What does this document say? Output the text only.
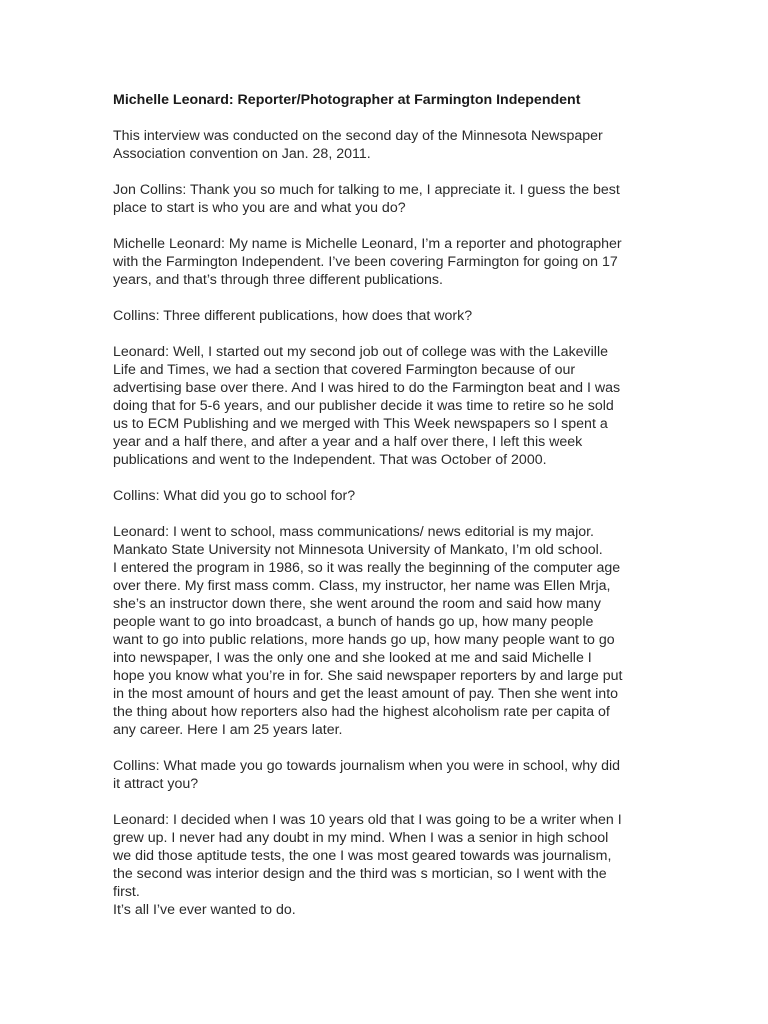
Michelle Leonard: Reporter/Photographer at Farmington Independent
This interview was conducted on the second day of the Minnesota Newspaper
Association convention on Jan. 28, 2011.
Jon Collins: Thank you so much for talking to me, I appreciate it. I guess the best
place to start is who you are and what you do?
Michelle Leonard: My name is Michelle Leonard, I’m a reporter and photographer
with the Farmington Independent. I’ve been covering Farmington for going on 17
years, and that’s through three different publications.
Collins: Three different publications, how does that work?
Leonard: Well, I started out my second job out of college was with the Lakeville
Life and Times, we had a section that covered Farmington because of our
advertising base over there. And I was hired to do the Farmington beat and I was
doing that for 5-6 years, and our publisher decide it was time to retire so he sold
us to ECM Publishing and we merged with This Week newspapers so I spent a
year and a half there, and after a year and a half over there, I left this week
publications and went to the Independent. That was October of 2000.
Collins: What did you go to school for?
Leonard: I went to school, mass communications/ news editorial is my major.
Mankato State University not Minnesota University of Mankato, I’m old school.
I entered the program in 1986, so it was really the beginning of the computer age
over there. My first mass comm. Class, my instructor, her name was Ellen Mrja,
she’s an instructor down there, she went around the room and said how many
people want to go into broadcast, a bunch of hands go up, how many people
want to go into public relations, more hands go up, how many people want to go
into newspaper, I was the only one and she looked at me and said Michelle I
hope you know what you’re in for. She said newspaper reporters by and large put
in the most amount of hours and get the least amount of pay. Then she went into
the thing about how reporters also had the highest alcoholism rate per capita of
any career. Here I am 25 years later.
Collins: What made you go towards journalism when you were in school, why did
it attract you?
Leonard: I decided when I was 10 years old that I was going to be a writer when I
grew up. I never had any doubt in my mind. When I was a senior in high school
we did those aptitude tests, the one I was most geared towards was journalism,
the second was interior design and the third was s mortician, so I went with the
first.
It’s all I’ve ever wanted to do.
